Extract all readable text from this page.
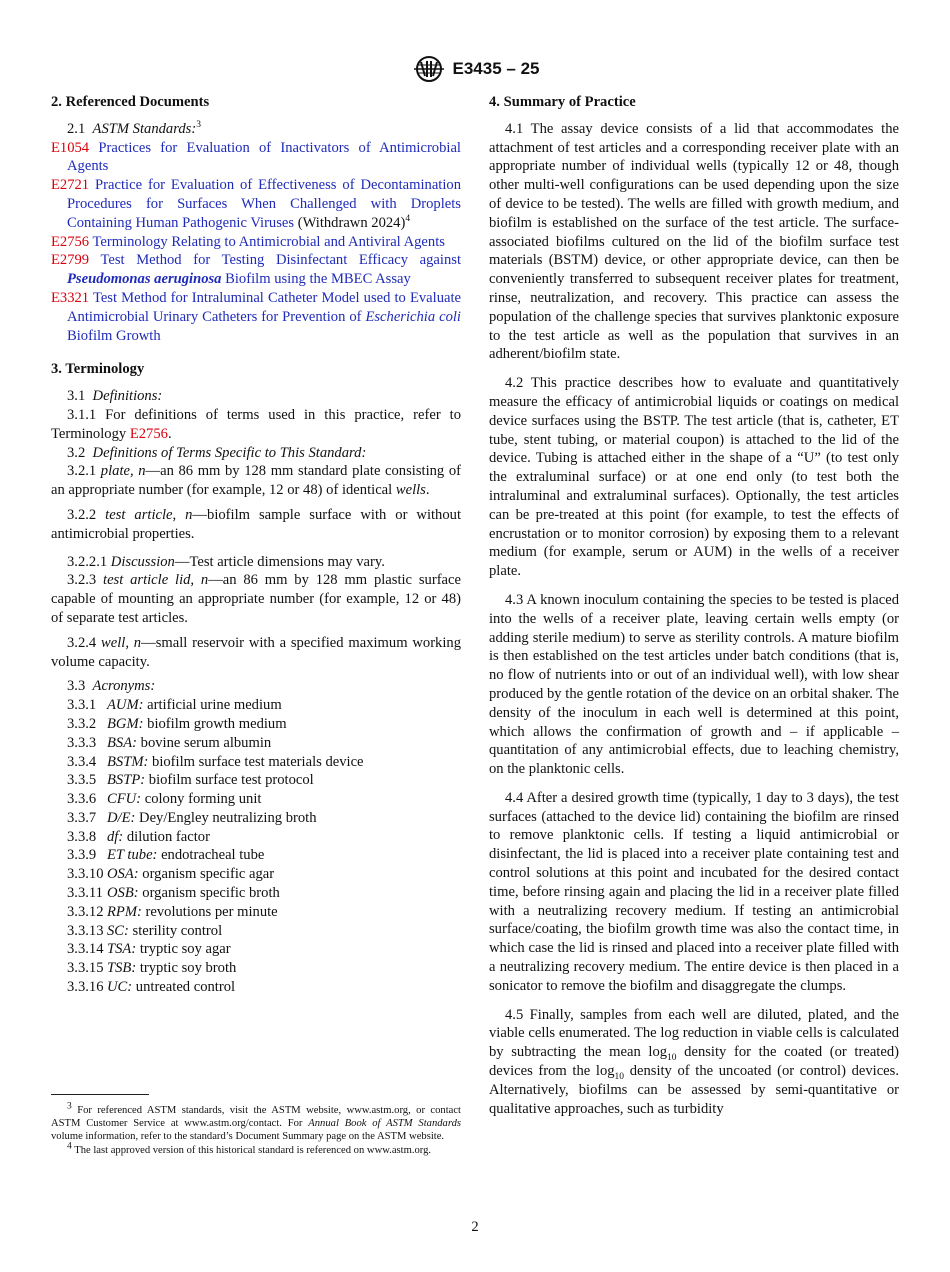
E3435 – 25
2. Referenced Documents

2.1 ASTM Standards:$^3$

E1054 Practices for Evaluation of Inactivators of Antimicrobial Agents

E2721 Practice for Evaluation of Effectiveness of Decontamination Procedures for Surfaces When Challenged with Droplets Containing Human Pathogenic Viruses (Withdrawn 2024)$^4$

E2756 Terminology Relating to Antimicrobial and Antiviral Agents

E2799 Test Method for Testing Disinfectant Efficacy against Pseudomonas aeruginosa Biofilm using the MBEC Assay

E3321 Test Method for Intraluminal Catheter Model used to Evaluate Antimicrobial Urinary Catheters for Prevention of Escherichia coli Biofilm Growth

3. Terminology

3.1 Definitions:

3.1.1 For definitions of terms used in this practice, refer to Terminology E2756.

3.2 Definitions of Terms Specific to This Standard:

3.2.1 plate, n—an 86 mm by 128 mm standard plate consisting of an appropriate number (for example, 12 or 48) of identical wells.

3.2.2 test article, n—biofilm sample surface with or without antimicrobial properties.

3.2.2.1 Discussion—Test article dimensions may vary.

3.2.3 test article lid, n—an 86 mm by 128 mm plastic surface capable of mounting an appropriate number (for example, 12 or 48) of separate test articles.

3.2.4 well, n—small reservoir with a specified maximum working volume capacity.

3.3 Acronyms:

3.3.1 AUM: artificial urine medium
3.3.2 BGM: biofilm growth medium
3.3.3 BSA: bovine serum albumin
3.3.4 BSTM: biofilm surface test materials device
3.3.5 BSTP: biofilm surface test protocol
3.3.6 CFU: colony forming unit
3.3.7 D/E: Dey/Engley neutralizing broth
3.3.8 df: dilution factor
3.3.9 ET tube: endotracheal tube
3.3.10 OSA: organism specific agar
3.3.11 OSB: organism specific broth
3.3.12 RPM: revolutions per minute
3.3.13 SC: sterility control
3.3.14 TSA: tryptic soy agar
3.3.15 TSB: tryptic soy broth
3.3.16 UC: untreated control

$^3$ For referenced ASTM standards, visit the ASTM website, www.astm.org, or contact ASTM Customer Service at www.astm.org/contact. For Annual Book of ASTM Standards volume information, refer to the standard’s Document Summary page on the ASTM website.

$^4$ The last approved version of this historical standard is referenced on www.astm.org.

4. Summary of Practice

4.1 The assay device consists of a lid that accommodates the attachment of test articles and a corresponding receiver plate with an appropriate number of individual wells (typically 12 or 48, though other multi-well configurations can be used depending upon the size of device to be tested). The wells are filled with growth medium, and biofilm is established on the surface of the test article. The surface-associated biofilms cultured on the lid of the biofilm surface test materials (BSTM) device, or other appropriate device, can then be conveniently transferred to subsequent receiver plates for treatment, rinse, neutralization, and recovery. This practice can assess the population of the challenge species that survives planktonic exposure to the test article as well as the population that survives in an adherent/biofilm state.

4.2 This practice describes how to evaluate and quantitatively measure the efficacy of antimicrobial liquids or coatings on medical device surfaces using the BSTP. The test article (that is, catheter, ET tube, stent tubing, or material coupon) is attached to the lid of the device. Tubing is attached either in the shape of a “U” (to test only the extraluminal surface) or at one end only (to test both the intraluminal and extraluminal surfaces). Optionally, the test articles can be pre-treated at this point (for example, to test the effects of encrustation or to monitor corrosion) by exposing them to a relevant medium (for example, serum or AUM) in the wells of a receiver plate.

4.3 A known inoculum containing the species to be tested is placed into the wells of a receiver plate, leaving certain wells empty (or adding sterile medium) to serve as sterility controls. A mature biofilm is then established on the test articles under batch conditions (that is, no flow of nutrients into or out of an individual well), with low shear produced by the gentle rotation of the device on an orbital shaker. The density of the inoculum in each well is determined at this point, which allows the confirmation of growth and – if applicable – quantitation of any antimicrobial effects, due to leaching chemistry, on the planktonic cells.

4.4 After a desired growth time (typically, 1 day to 3 days), the test surfaces (attached to the device lid) containing the biofilm are rinsed to remove planktonic cells. If testing a liquid antimicrobial or disinfectant, the lid is placed into a receiver plate containing test and control solutions at this point and incubated for the desired contact time, before rinsing again and placing the lid in a receiver plate filled with a neutralizing recovery medium. If testing an antimicrobial surface/coating, the biofilm growth time was also the contact time, in which case the lid is rinsed and placed into a receiver plate filled with a neutralizing recovery medium. The entire device is then placed in a sonicator to remove the biofilm and disaggregate the clumps.

4.5 Finally, samples from each well are diluted, plated, and the viable cells enumerated. The log reduction in viable cells is calculated by subtracting the mean $\log_{10}$ density for the coated (or treated) devices from the $\log_{10}$ density of the uncoated (or control) devices. Alternatively, biofilms can be assessed by semi-quantitative or qualitative approaches, such as turbidity

2
